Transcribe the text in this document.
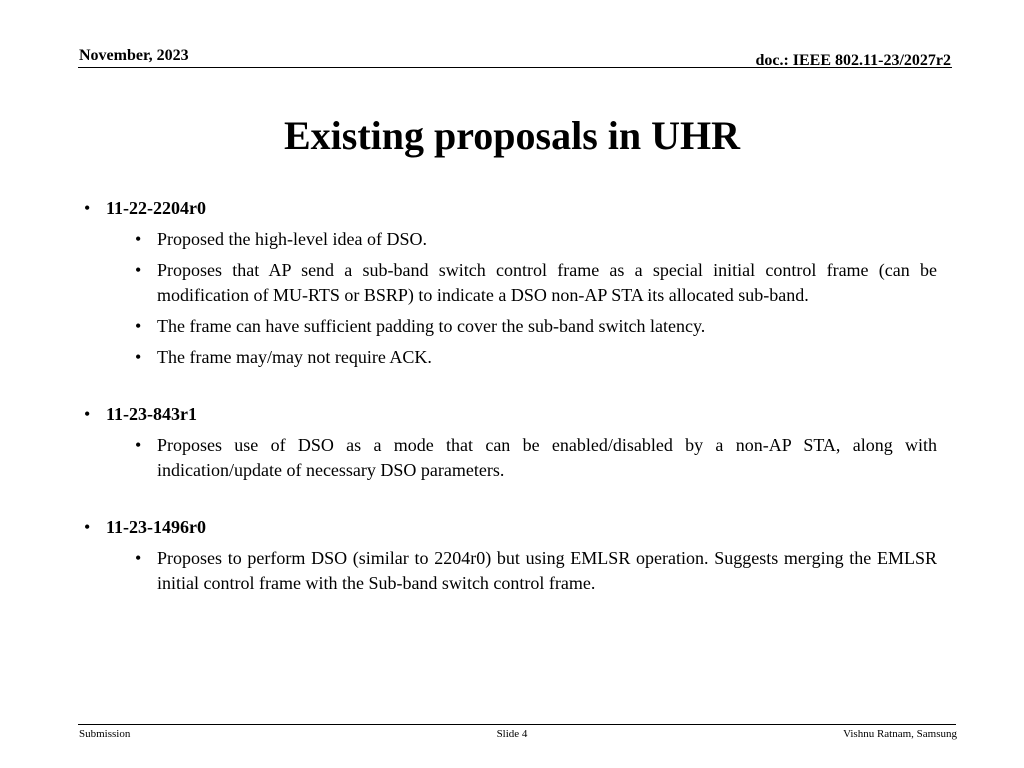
November, 2023	doc.: IEEE 802.11-23/2027r2
Existing proposals in UHR
• 11-22-2204r0
• Proposed the high-level idea of DSO.
• Proposes that AP send a sub-band switch control frame as a special initial control frame (can be modification of MU-RTS or BSRP) to indicate a DSO non-AP STA its allocated sub-band.
• The frame can have sufficient padding to cover the sub-band switch latency.
• The frame may/may not require ACK.
• 11-23-843r1
• Proposes use of DSO as a mode that can be enabled/disabled by a non-AP STA, along with indication/update of necessary DSO parameters.
• 11-23-1496r0
• Proposes to perform DSO (similar to 2204r0) but using EMLSR operation. Suggests merging the EMLSR initial control frame with the Sub-band switch control frame.
Submission	Slide 4	Vishnu Ratnam, Samsung
